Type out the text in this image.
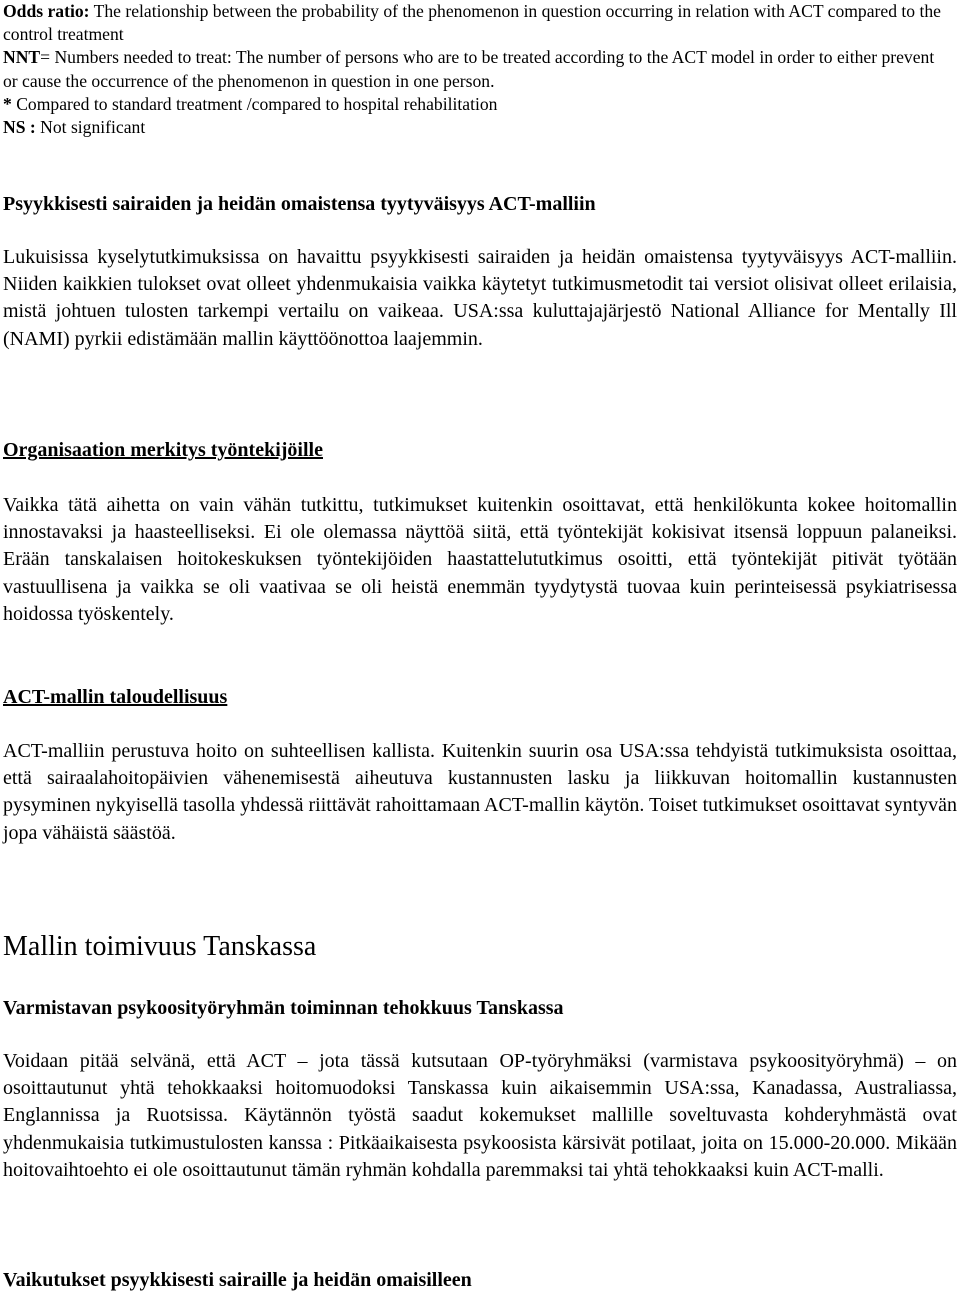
Odds ratio: The relationship between the probability of the phenomenon in question occurring in relation with ACT compared to the control treatment

NNT= Numbers needed to treat: The number of persons who are to be treated according to the ACT model in order to either prevent or cause the occurrence of the phenomenon in question in one person.

* Compared to standard treatment /compared to hospital rehabilitation

NS : Not significant

Psyykkisesti sairaiden ja heidän omaistensa tyytyväisyys ACT-malliin

Lukuisissa kyselytutkimuksissa on havaittu psyykkisesti sairaiden ja heidän omaistensa tyytyväisyys ACT-malliin. Niiden kaikkien tulokset ovat olleet yhdenmukaisia vaikka käytetyt tutkimusmetodit tai versiot olisivat olleet erilaisia, mistä johtuen tulosten tarkempi vertailu on vaikeaa. USA:ssa kuluttajajärjestö National Alliance for Mentally Ill (NAMI) pyrkii edistämään mallin käyttöönottoa laajemmin.

Organisaation merkitys työntekijöille

Vaikka tätä aihetta on vain vähän tutkittu, tutkimukset kuitenkin osoittavat, että henkilökunta kokee hoitomallin innostavaksi ja haasteelliseksi. Ei ole olemassa näyttöä siitä, että työntekijät kokisivat itsensä loppuun palaneiksi. Erään tanskalaisen hoitokeskuksen työntekijöiden haastattelututkimus osoitti, että työntekijät pitivät työtään vastuullisena ja vaikka se oli vaativaa se oli heistä enemmän tyydytystä tuovaa kuin perinteisessä psykiatrisessa hoidossa työskentely.

ACT-mallin taloudellisuus

ACT-malliin perustuva hoito on suhteellisen kallista. Kuitenkin suurin osa USA:ssa tehdyistä tutkimuksista osoittaa, että sairaalahoitopäivien vähenemisestä aiheutuva kustannusten lasku ja liikkuvan hoitomallin kustannusten pysyminen nykyisellä tasolla yhdessä riittävät rahoittamaan ACT-mallin käytön. Toiset tutkimukset osoittavat syntyvän jopa vähäistä säästöä.

Mallin toimivuus Tanskassa
Varmistavan psykoosityöryhmän toiminnan tehokkuus Tanskassa

Voidaan pitää selvänä, että ACT – jota tässä kutsutaan OP-työryhmäksi (varmistava psykoosityöryhmä) – on osoittautunut yhtä tehokkaaksi hoitomuodoksi Tanskassa kuin aikaisemmin USA:ssa, Kanadassa, Australiassa, Englannissa ja Ruotsissa. Käytännön työstä saadut kokemukset mallille soveltuvasta kohderyhmästä ovat yhdenmukaisia tutkimustulosten kanssa : Pitkäaikaisesta psykoosista kärsivät potilaat, joita on 15.000-20.000. Mikään hoitovaihtoehto ei ole osoittautunut tämän ryhmän kohdalla paremmaksi tai yhtä tehokkaaksi kuin ACT-malli.

Vaikutukset psyykkisesti sairaille ja heidän omaisilleen
